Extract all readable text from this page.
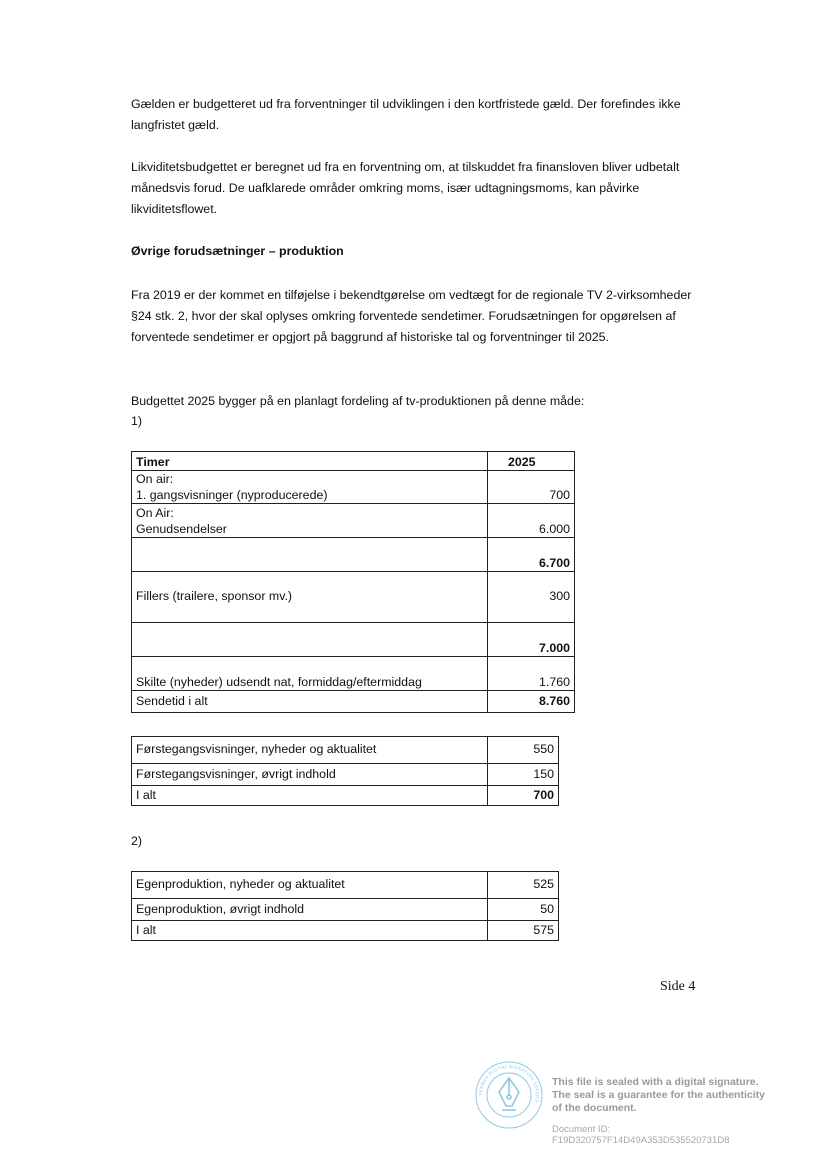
Gælden er budgetteret ud fra forventninger til udviklingen i den kortfristede gæld. Der forefindes ikke langfristet gæld.

Likviditetsbudgettet er beregnet ud fra en forventning om, at tilskuddet fra finansloven bliver udbetalt månedsvis forud. De uafklarede områder omkring moms, især udtagningsmoms, kan påvirke likviditetsflowet.

Øvrige forudsætninger – produktion

Fra 2019 er der kommet en tilføjelse i bekendtgørelse om vedtægt for de regionale TV 2-virksomheder §24 stk. 2, hvor der skal oplyses omkring forventede sendetimer. Forudsætningen for opgørelsen af forventede sendetimer er opgjort på baggrund af historiske tal og forventninger til 2025.

Budgettet 2025 bygger på en planlagt fordeling af tv-produktionen på denne måde:

1)

Timer	2025

On air:
1. gangsvisninger (nyproducerede)	700

On Air:
Genudsendelser	6.000
	6.700
Fillers (trailere, sponsor mv.)	300
	7.000
Skilte (nyheder) udsendt nat, formiddag/eftermiddag	1.760
Sendetid i alt	8.760
Førstegangsvisninger, nyheder og aktualitet	550
Førstegangsvisninger, øvrigt indhold	150
I alt	700

2)

Egenproduktion, nyheder og aktualitet	525
Egenproduktion, øvrigt indhold	50
I alt	575
Side 4
PENNEO DIGITAL SIGNATURE SERVICE
This file is sealed with a digital signature.
The seal is a guarantee for the authenticity
of the document.
Document ID:
F19D320757F14D49A353D535520731D8
